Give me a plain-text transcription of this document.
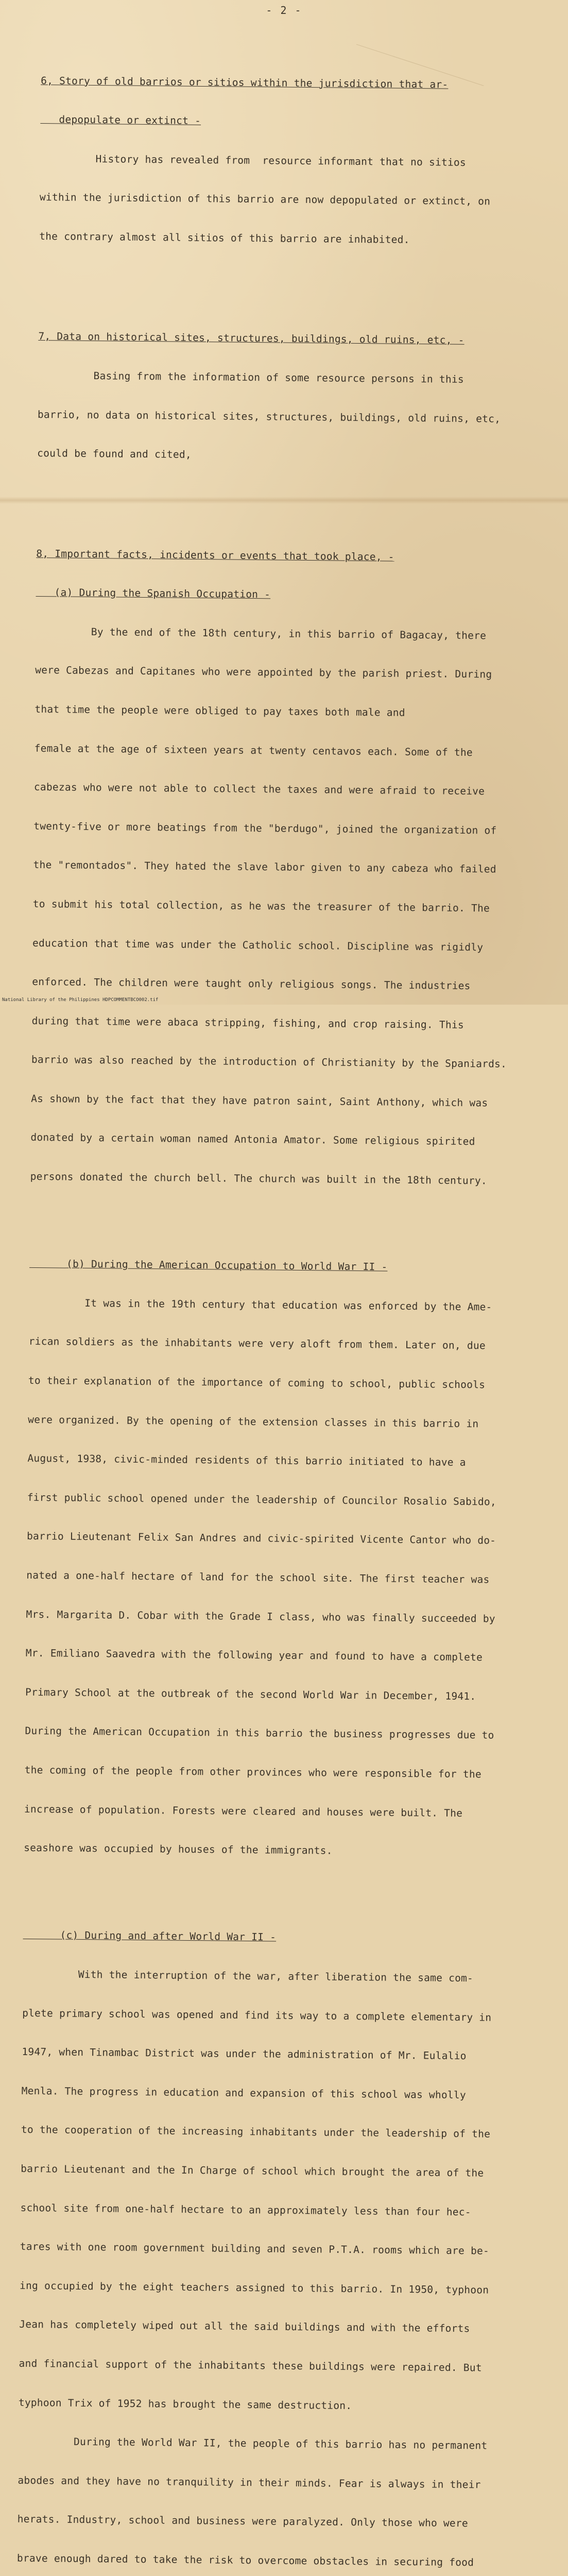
- 2 -

6, Story of old barrios or sitios within the jurisdiction that ar-

depopulate or extinct -

History has revealed from  resource informant that no sitios

within the jurisdiction of this barrio are now depopulated or extinct, on

the contrary almost all sitios of this barrio are inhabited.

7, Data on historical sites, structures, buildings, old ruins, etc, -

Basing from the information of some resource persons in this

barrio, no data on historical sites, structures, buildings, old ruins, etc,

could be found and cited,

8, Important facts, incidents or events that took place, -

(a) During the Spanish Occupation -

By the end of the 18th century, in this barrio of Bagacay, there

were Cabezas and Capitanes who were appointed by the parish priest. During

that time the people were obliged to pay taxes both male and

female at the age of sixteen years at twenty centavos each. Some of the

cabezas who were not able to collect the taxes and were afraid to receive

twenty-five or more beatings from the "berdugo", joined the organization of

the "remontados". They hated the slave labor given to any cabeza who failed

to submit his total collection, as he was the treasurer of the barrio. The

education that time was under the Catholic school. Discipline was rigidly

enforced. The children were taught only religious songs. The industries

during that time were abaca stripping, fishing, and crop raising. This

barrio was also reached by the introduction of Christianity by the Spaniards.

As shown by the fact that they have patron saint, Saint Anthony, which was

donated by a certain woman named Antonia Amator. Some religious spirited

persons donated the church bell. The church was built in the 18th century.

(b) During the American Occupation to World War II -

It was in the 19th century that education was enforced by the Ame-

rican soldiers as the inhabitants were very aloft from them. Later on, due

to their explanation of the importance of coming to school, public schools

were organized. By the opening of the extension classes in this barrio in

August, 1938, civic-minded residents of this barrio initiated to have a

first public school opened under the leadership of Councilor Rosalio Sabido,

barrio Lieutenant Felix San Andres and civic-spirited Vicente Cantor who do-

nated a one-half hectare of land for the school site. The first teacher was

Mrs. Margarita D. Cobar with the Grade I class, who was finally succeeded by

Mr. Emiliano Saavedra with the following year and found to have a complete

Primary School at the outbreak of the second World War in December, 1941.

During the American Occupation in this barrio the business progresses due to

the coming of the people from other provinces who were responsible for the

increase of population. Forests were cleared and houses were built. The

seashore was occupied by houses of the immigrants.

(c) During and after World War II -

With the interruption of the war, after liberation the same com-

plete primary school was opened and find its way to a complete elementary in

1947, when Tinambac District was under the administration of Mr. Eulalio

Menla. The progress in education and expansion of this school was wholly

to the cooperation of the increasing inhabitants under the leadership of the

barrio Lieutenant and the In Charge of school which brought the area of the

school site from one-half hectare to an approximately less than four hec-

tares with one room government building and seven P.T.A. rooms which are be-

ing occupied by the eight teachers assigned to this barrio. In 1950, typhoon

Jean has completely wiped out all the said buildings and with the efforts

and financial support of the inhabitants these buildings were repaired. But

typhoon Trix of 1952 has brought the same destruction.

During the World War II, the people of this barrio has no permanent

abodes and they have no tranquility in their minds. Fear is always in their

herats. Industry, school and business were paralyzed. Only those who were

brave enough dared to take the risk to overcome obstacles in securing food

National Library of the Philippines HDPCOMMENTBCO002.tif
